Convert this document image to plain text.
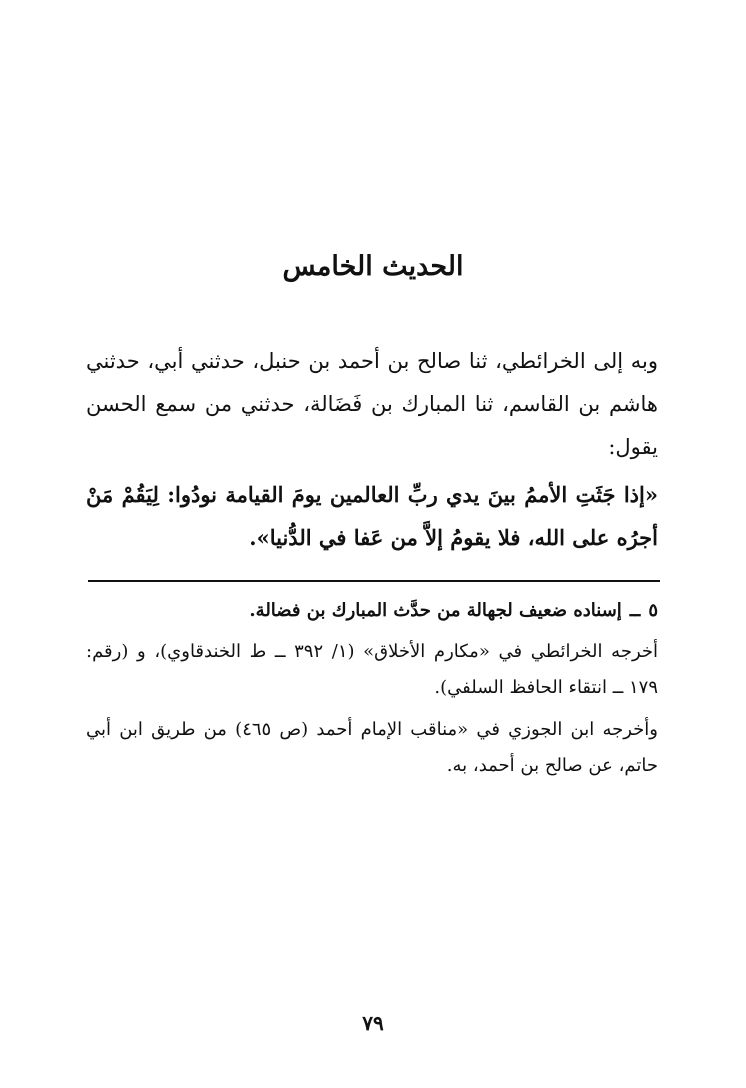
الحديث الخامس

وبه إلى الخرائطي، ثنا صالح بن أحمد بن حنبل، حدثني أبي، حدثني هاشم بن القاسم، ثنا المبارك بن فَضَالة، حدثني من سمع الحسن يقول:

«إذا جَثَتِ الأممُ بينَ يدي ربِّ العالمين يومَ القيامة نودُوا: لِيَقُمْ مَنْ أجرُه على الله، فلا يقومُ إلاَّ من عَفا في الدُّنيا».

٥ــإسناده ضعيف لجهالة من حدَّث المبارك بن فضالة.

أخرجه الخرائطي في «مكارم الأخلاق» (١/ ٣٩٢ ــ ط الخندقاوي)، و (رقم: ١٧٩ ــ انتقاء الحافظ السلفي).

وأخرجه ابن الجوزي في «مناقب الإمام أحمد (ص ٤٦٥) من طريق ابن أبي حاتم، عن صالح بن أحمد، به.

٧٩
